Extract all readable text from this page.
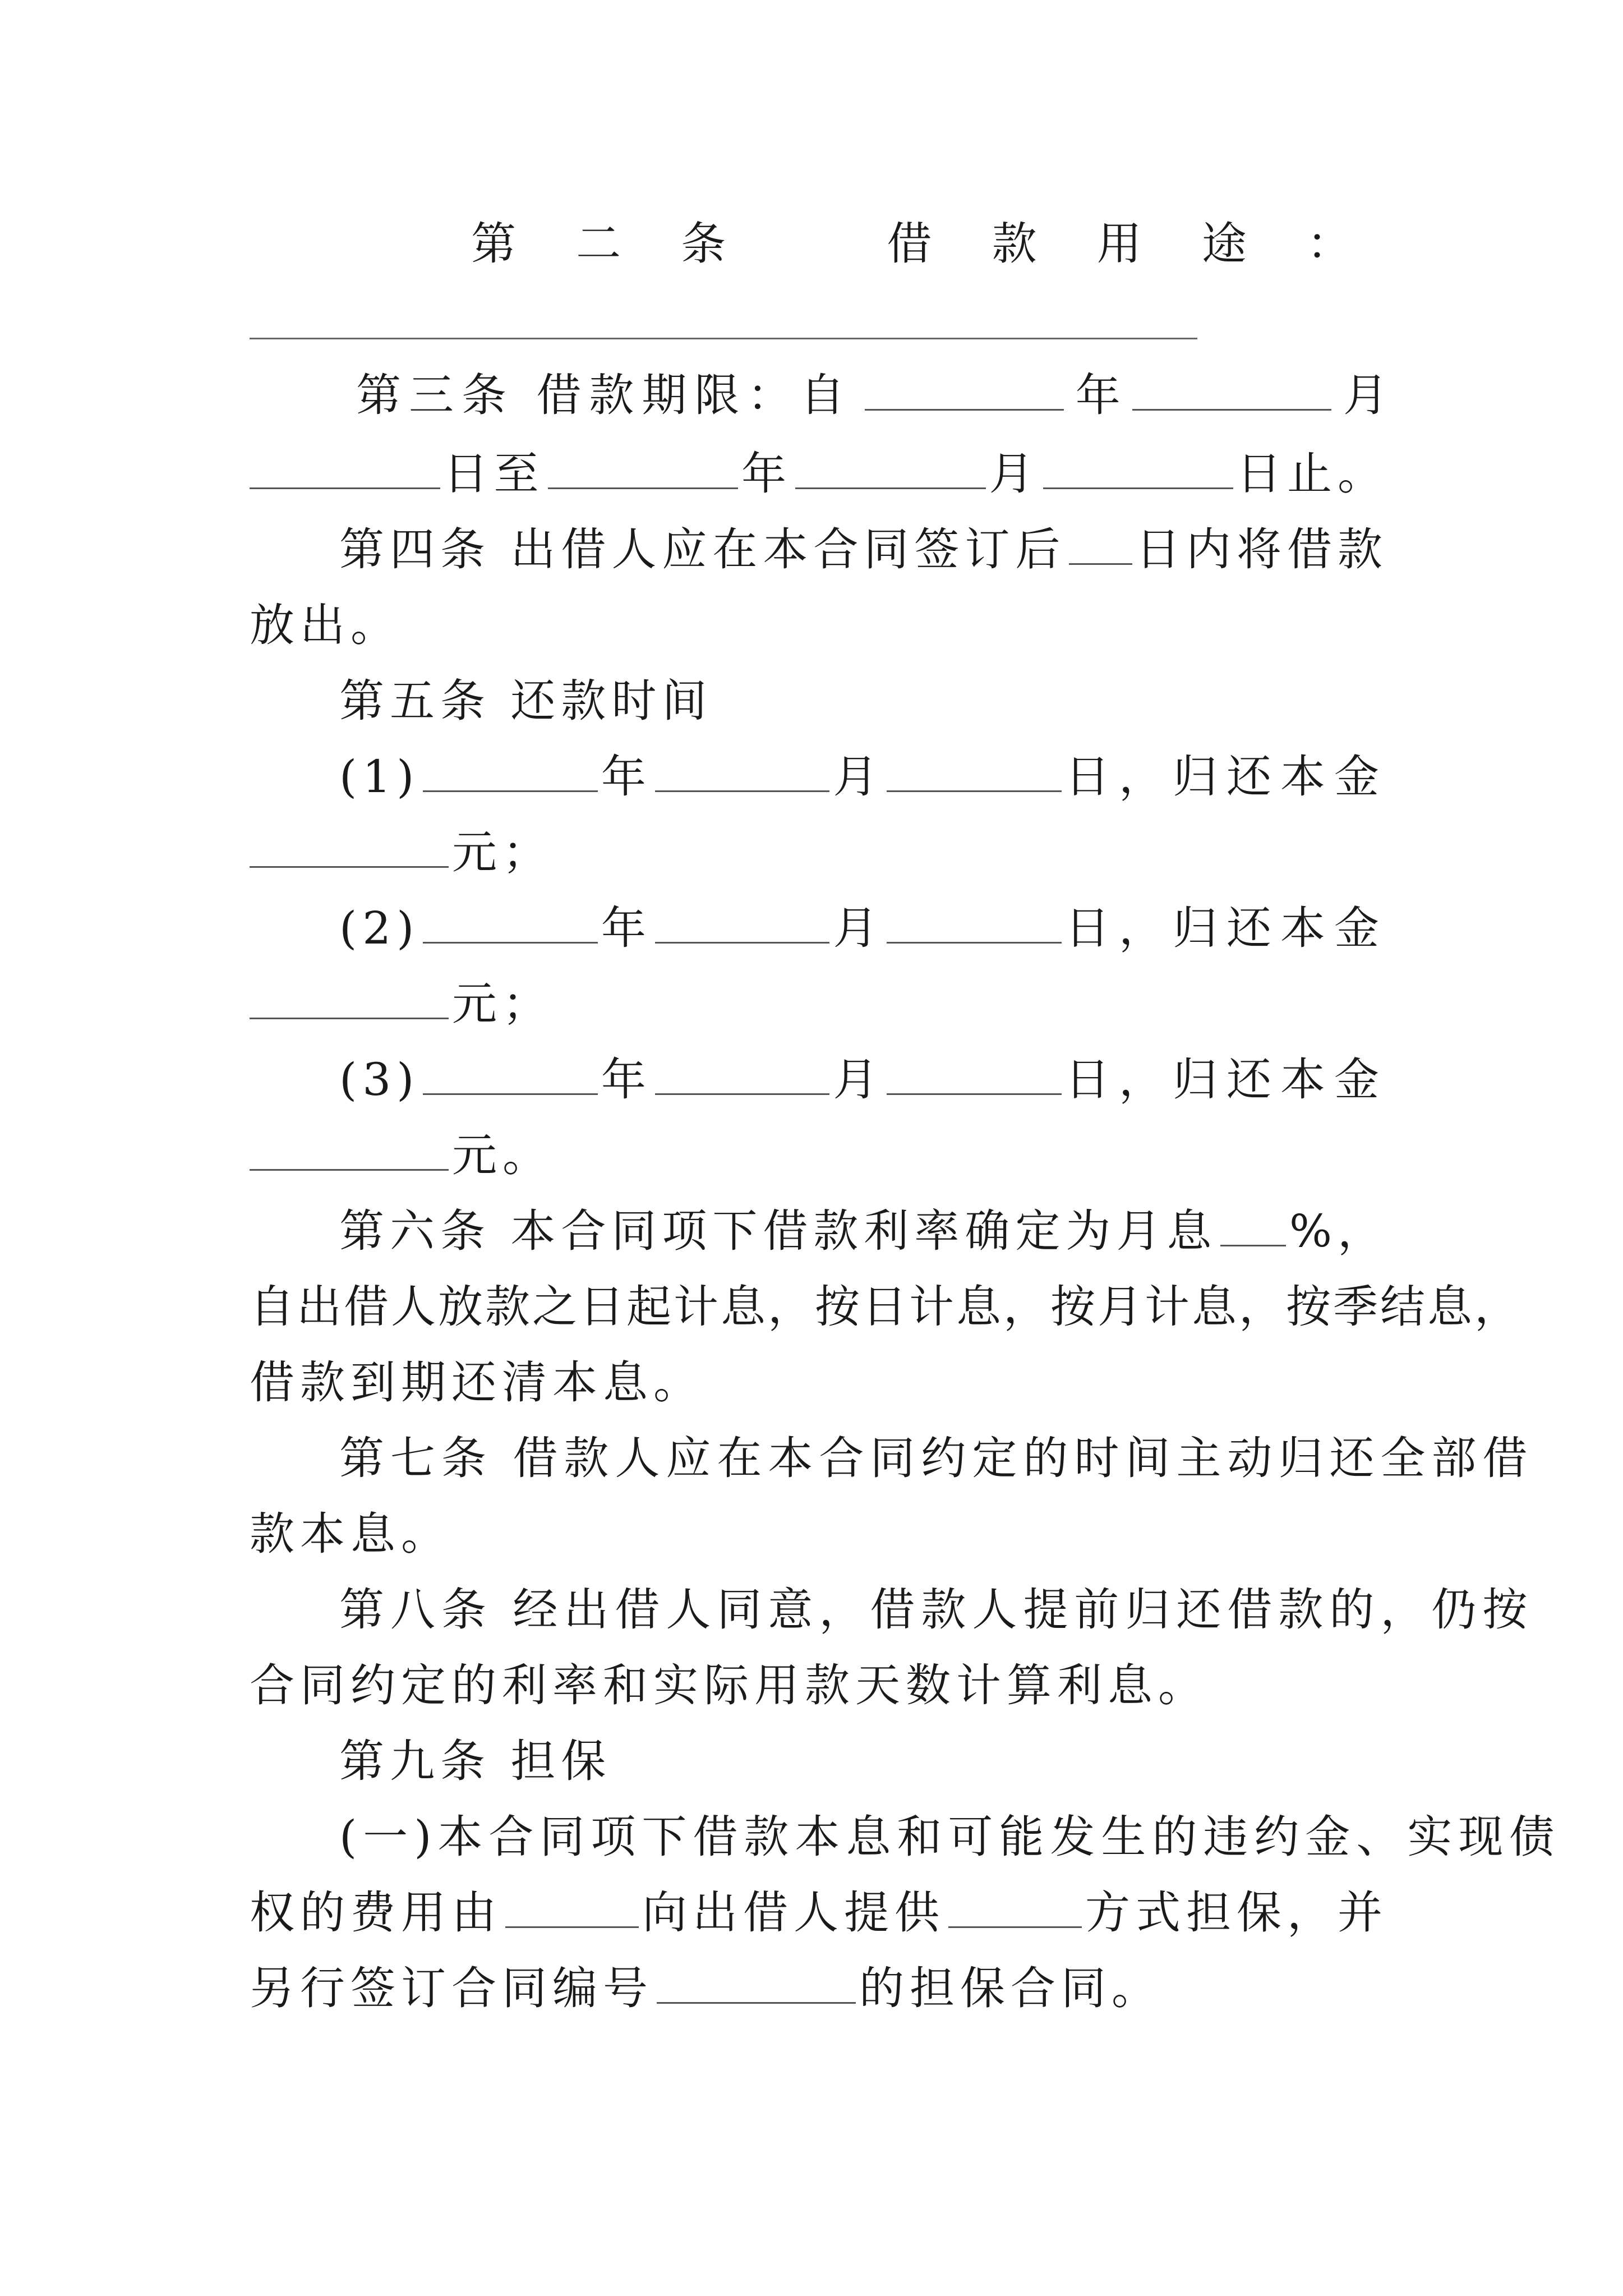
第 二 条	借 款 用 途 ：
第三条 借款期限：自	年	月
日至	年	月	日止。
第四条 出借人应在本合同签订后 日内将借款
放出。
第五条 还款时间
(1)	年	月	日，归还本金
元；
(2)	年	月	日，归还本金
元；
(3)	年	月	日，归还本金
元。
第六条 本合同项下借款利率确定为月息 %，
自出借人放款之日起计息，按日计息，按月计息，按季结息，
借款到期还清本息。
第七条 借款人应在本合同约定的时间主动归还全部借
款本息。
第八条 经出借人同意，借款人提前归还借款的，仍按
合同约定的利率和实际用款天数计算利息。
第九条 担保
(一)本合同项下借款本息和可能发生的违约金、实现债
权的费用由	向出借人提供	方式担保，并
另行签订合同编号	的担保合同。
